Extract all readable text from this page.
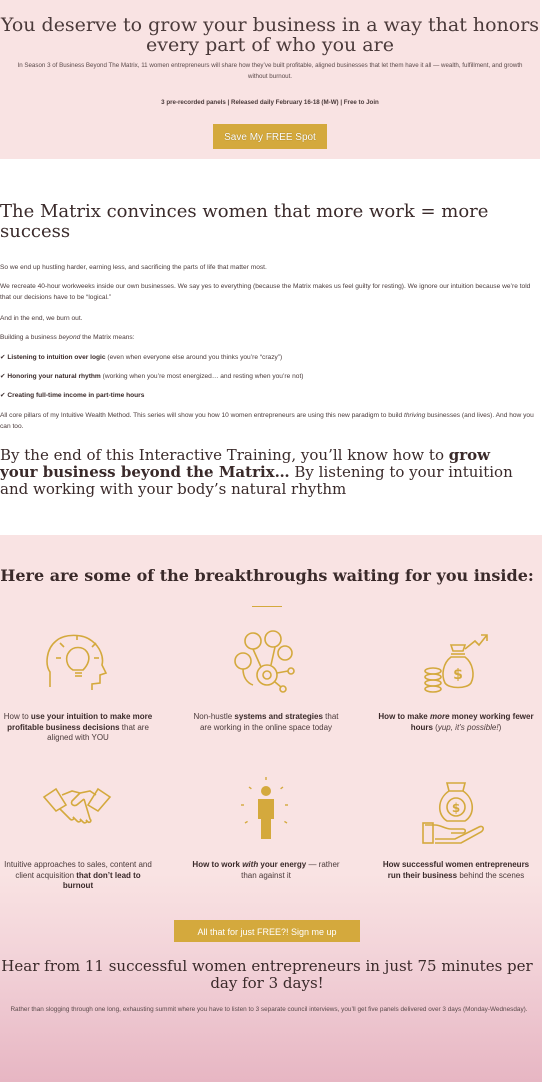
You deserve to grow your business in a way that honors every part of who you are
In Season 3 of Business Beyond The Matrix, 11 women entrepreneurs will share how they’ve built profitable, aligned businesses that let them have it all — wealth, fulfillment, and growth without burnout.
3 pre-recorded panels | Released daily February 16-18 (M-W) | Free to Join
Save My FREE Spot
The Matrix convinces women that more work = more success

So we end up hustling harder, earning less, and sacrificing the parts of life that matter most.

We recreate 40-hour workweeks inside our own businesses. We say yes to everything (because the Matrix makes us feel guilty for resting). We ignore our intuition because we’re told that our decisions have to be “logical.”

And in the end, we burn out.

Building a business beyond the Matrix means:

✔ Listening to intuition over logic (even when everyone else around you thinks you’re “crazy”)

✔ Honoring your natural rhythm (working when you’re most energized… and resting when you’re not)

✔ Creating full-time income in part-time hours

All core pillars of my Intuitive Wealth Method. This series will show you how 10 women entrepreneurs are using this new paradigm to build thriving businesses (and lives). And how you can too.

By the end of this Interactive Training, you’ll know how to grow your business beyond the Matrix… By listening to your intuition and working with your body’s natural rhythm
Here are some of the breakthroughs waiting for you inside:
$
How to use your intuition to make more profitable business decisions that are aligned with YOU
Non-hustle systems and strategies that are working in the online space today
How to make more money working fewer hours (yup, it’s possible!)
$
Intuitive approaches to sales, content and client acquisition that don’t lead to burnout
How to work with your energy — rather than against it
How successful women entrepreneurs run their business behind the scenes
All that for just FREE?! Sign me up
Hear from 11 successful women entrepreneurs in just 75 minutes per day for 3 days!
Rather than slogging through one long, exhausting summit where you have to listen to 3 separate council interviews, you’ll get five panels delivered over 3 days (Monday-Wednesday).
